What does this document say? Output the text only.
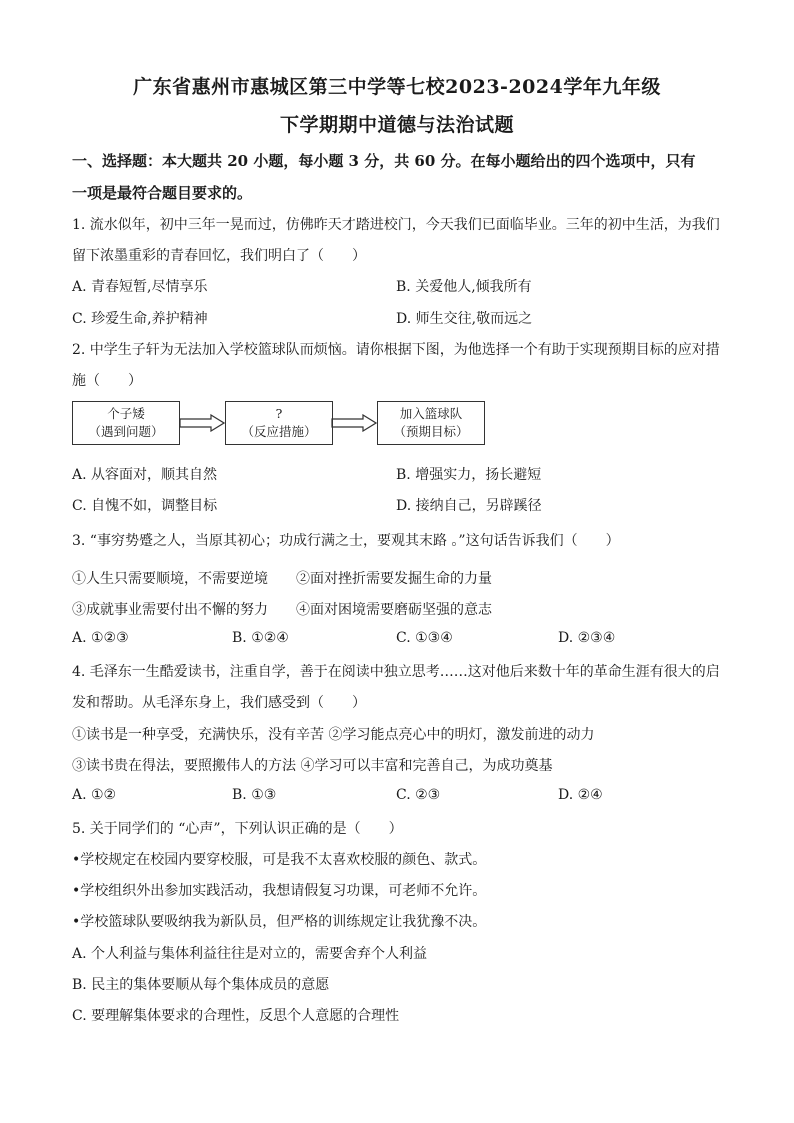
广东省惠州市惠城区第三中学等七校2023-2024学年九年级
下学期期中道德与法治试题
一、选择题：本大题共 20 小题，每小题 3 分，共 60 分。在每小题给出的四个选项中，只有
一项是最符合题目要求的。
1. 流水似年，初中三年一晃而过，仿佛昨天才踏进校门，今天我们已面临毕业。三年的初中生活，为我们
留下浓墨重彩的青春回忆，我们明白了（　　）
A. 青春短暂,尽情享乐	B. 关爱他人,倾我所有
C. 珍爱生命,养护精神	D. 师生交往,敬而远之
2. 中学生子轩为无法加入学校篮球队而烦恼。请你根据下图，为他选择一个有助于实现预期目标的应对措
施（　　）
个子矮
（遇到问题）
?
（反应措施）
加入篮球队
（预期目标）
A. 从容面对，顺其自然	B. 增强实力，扬长避短
C. 自愧不如，调整目标	D. 接纳自己，另辟蹊径
3. “事穷势蹙之人，当原其初心；功成行满之士，要观其末路 。”这句话告诉我们（　　）
①人生只需要顺境，不需要逆境 ②面对挫折需要发掘生命的力量
③成就事业需要付出不懈的努力 ④面对困境需要磨砺坚强的意志
A. ①②③	B. ①②④	C. ①③④	D. ②③④
4. 毛泽东一生酷爱读书，注重自学，善于在阅读中独立思考……这对他后来数十年的革命生涯有很大的启
发和帮助。从毛泽东身上，我们感受到（　　）
①读书是一种享受，充满快乐，没有辛苦 ②学习能点亮心中的明灯，激发前进的动力
③读书贵在得法，要照搬伟人的方法 ④学习可以丰富和完善自己，为成功奠基
A. ①②	B. ①③	C. ②③	D. ②④
5. 关于同学们的 “心声”，下列认识正确的是（　　）
•学校规定在校园内要穿校服，可是我不太喜欢校服的颜色、款式。
•学校组织外出参加实践活动，我想请假复习功课，可老师不允许。
•学校篮球队要吸纳我为新队员，但严格的训练规定让我犹豫不决。
A. 个人利益与集体利益往往是对立的，需要舍弃个人利益
B. 民主的集体要顺从每个集体成员的意愿
C. 要理解集体要求的合理性，反思个人意愿的合理性
